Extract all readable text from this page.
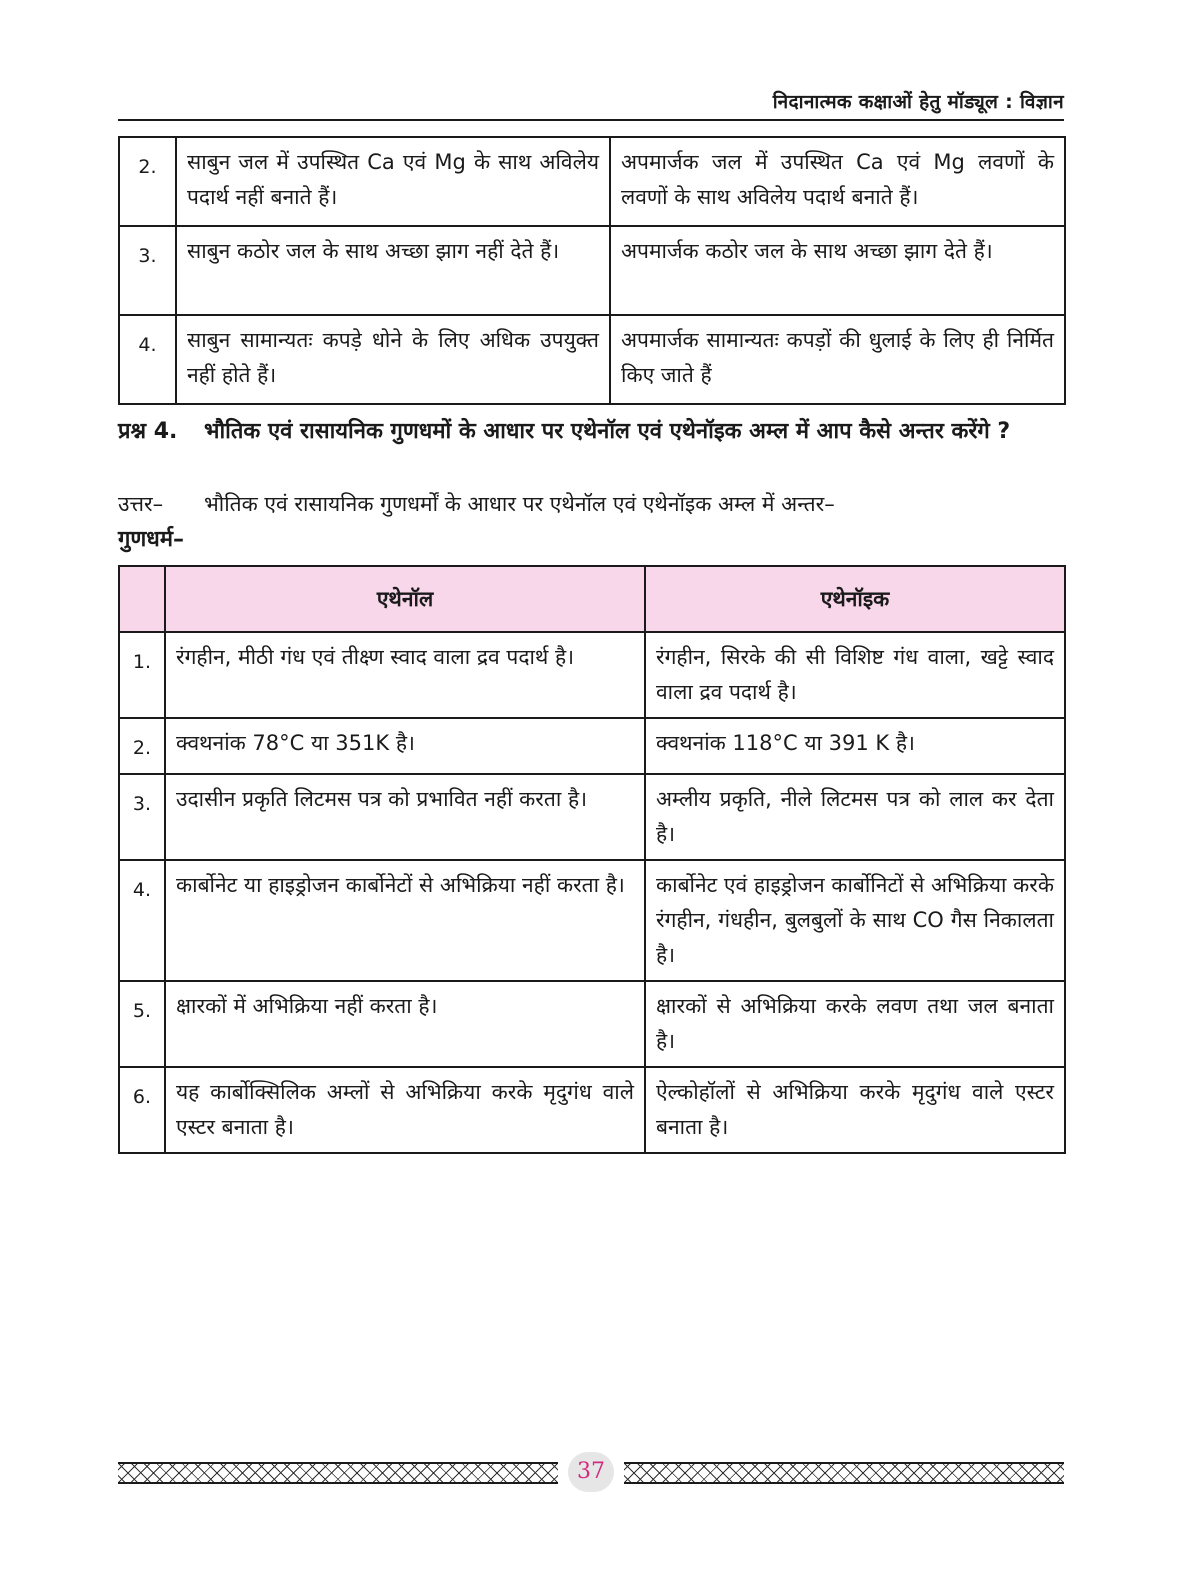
निदानात्मक कक्षाओं हेतु मॉड्यूल : विज्ञान
2.	साबुन जल में उपस्थित Ca एवं Mg के साथ अविलेय पदार्थ नहीं बनाते हैं।	अपमार्जक जल में उपस्थित Ca एवं Mg लवणों के लवणों के साथ अविलेय पदार्थ बनाते हैं।
3.	साबुन कठोर जल के साथ अच्छा झाग नहीं देते हैं।	अपमार्जक कठोर जल के साथ अच्छा झाग देते हैं।
4.	साबुन सामान्यतः कपड़े धोने के लिए अधिक उपयुक्त नहीं होते हैं।	अपमार्जक सामान्यतः कपड़ों की धुलाई के लिए ही निर्मित किए जाते हैं
प्रश्न 4. भौतिक एवं रासायनिक गुणधमों के आधार पर एथेनॉल एवं एथेनॉइक अम्ल में आप कैसे अन्तर करेंगे ?
उत्तर– भौतिक एवं रासायनिक गुणधर्मों के आधार पर एथेनॉल एवं एथेनॉइक अम्ल में अन्तर–
गुणधर्म–
	एथेनॉल	एथेनॉइक
1.	रंगहीन, मीठी गंध एवं तीक्ष्ण स्वाद वाला द्रव पदार्थ है।	रंगहीन, सिरके की सी विशिष्ट गंध वाला, खट्टे स्वाद वाला द्रव पदार्थ है।
2.	क्वथनांक 78°C या 351K है।	क्वथनांक 118°C या 391 K है।
3.	उदासीन प्रकृति लिटमस पत्र को प्रभावित नहीं करता है।	अम्लीय प्रकृति, नीले लिटमस पत्र को लाल कर देता है।
4.	कार्बोनेट या हाइड्रोजन कार्बोनेटों से अभिक्रिया नहीं करता है।	कार्बोनेट एवं हाइड्रोजन कार्बोनिटों से अभिक्रिया करके रंगहीन, गंधहीन, बुलबुलों के साथ CO गैस निकालता है।
5.	क्षारकों में अभिक्रिया नहीं करता है।	क्षारकों से अभिक्रिया करके लवण तथा जल बनाता है।
6.	यह कार्बोक्सिलिक अम्लों से अभिक्रिया करके मृदुगंध वाले एस्टर बनाता है।	ऐल्कोहॉलों से अभिक्रिया करके मृदुगंध वाले एस्टर बनाता है।
37
